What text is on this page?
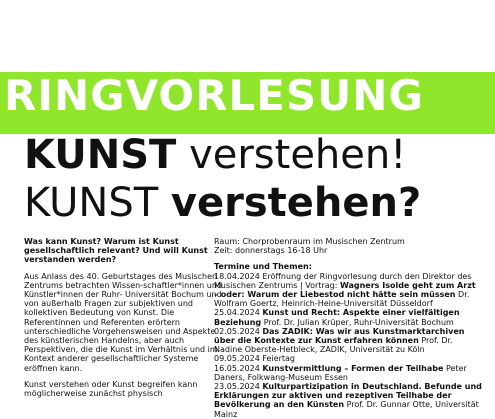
RINGVORLESUNG
KUNST verstehen!
KUNST verstehen?

Was kann Kunst? Warum ist Kunst gesellschaftlich relevant? Und will Kunst verstanden werden?

Aus Anlass des 40. Geburtstages des Musischen Zentrums betrachten Wissen-schaftler*innen und Künstler*innen der Ruhr- Universität Bochum und von außerhalb Fragen zur subjektiven und kollektiven Bedeutung von Kunst. Die Referentinnen und Referenten erörtern unterschiedliche Vorgehensweisen und Aspekte des künstlerischen Handelns, aber auch Perspektiven, die die Kunst im Verhältnis und im Kontext anderer gesellschaftlicher Systeme eröffnen kann.

Kunst verstehen oder Kunst begreifen kann möglicherweise zunächst physisch

Raum: Chorprobenraum im Musischen Zentrum

Zeit: donnerstags 16-18 Uhr

Termine und Themen:

18.04.2024 Eröffnung der Ringvorlesung durch den Direktor des Musischen Zentrums | Vortrag: Wagners Isolde geht zum Arzt – oder: Warum der Liebestod nicht hätte sein müssen Dr. Wolfram Goertz, Heinrich-Heine-Universität Düsseldorf

25.04.2024 Kunst und Recht: Aspekte einer vielfältigen Beziehung Prof. Dr. Julian Krüper, Ruhr-Universität Bochum

02.05.2024 Das ZADIK: Was wir aus Kunstmarktarchiven über die Kontexte zur Kunst erfahren können Prof. Dr. Nadine Oberste-Hetbleck, ZADIK, Universität zu Köln

09.05.2024 Feiertag

16.05.2024 Kunstvermittlung – Formen der Teilhabe Peter Daners, Folkwang-Museum Essen

23.05.2024 Kulturpartizipation in Deutschland. Befunde und Erklärungen zur aktiven und rezeptiven Teilhabe der Bevölkerung an den Künsten Prof. Dr. Gunnar Otte, Universität Mainz
